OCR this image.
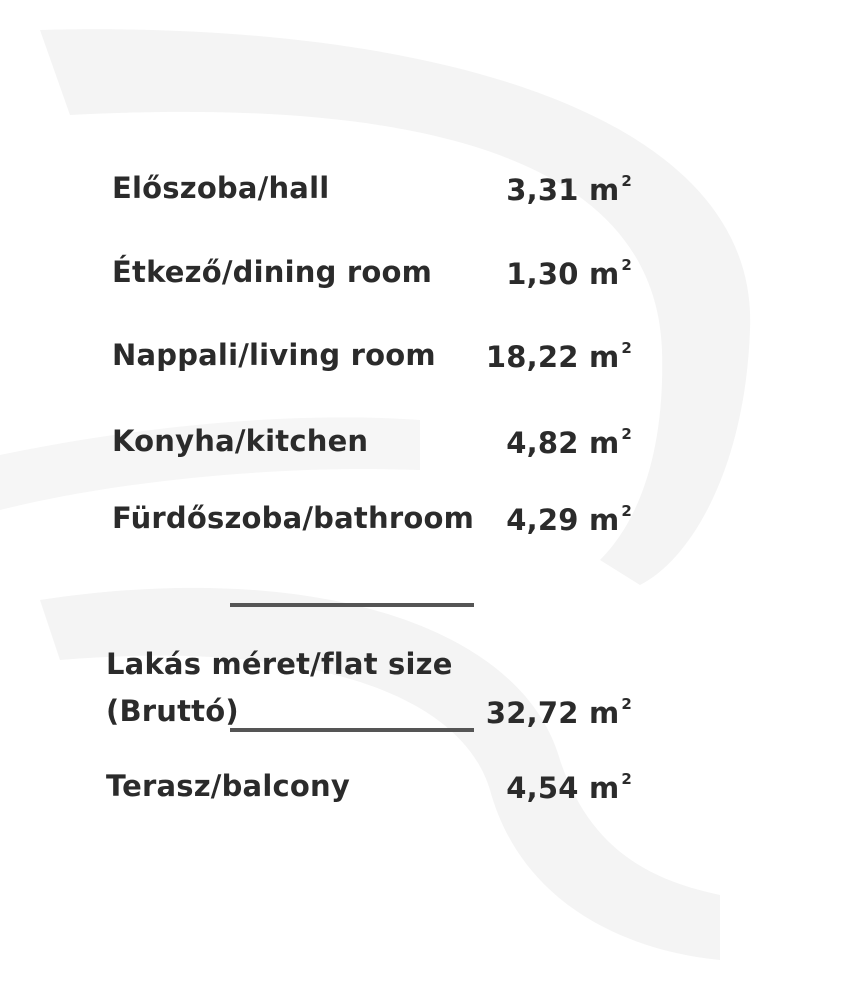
Előszoba/hall	3,31 m $^2$
Étkező/dining room	1,30 m $^2$
Nappali/living room 18,22 m $^2$
Konyha/kitchen	4,82 m $^2$
Fürdőszoba/bathroom 4,29 m $^2$
Lakás méret/flat size
(Bruttó)	32,72 m $^2$
Terasz/balcony	4,54 m $^2$
